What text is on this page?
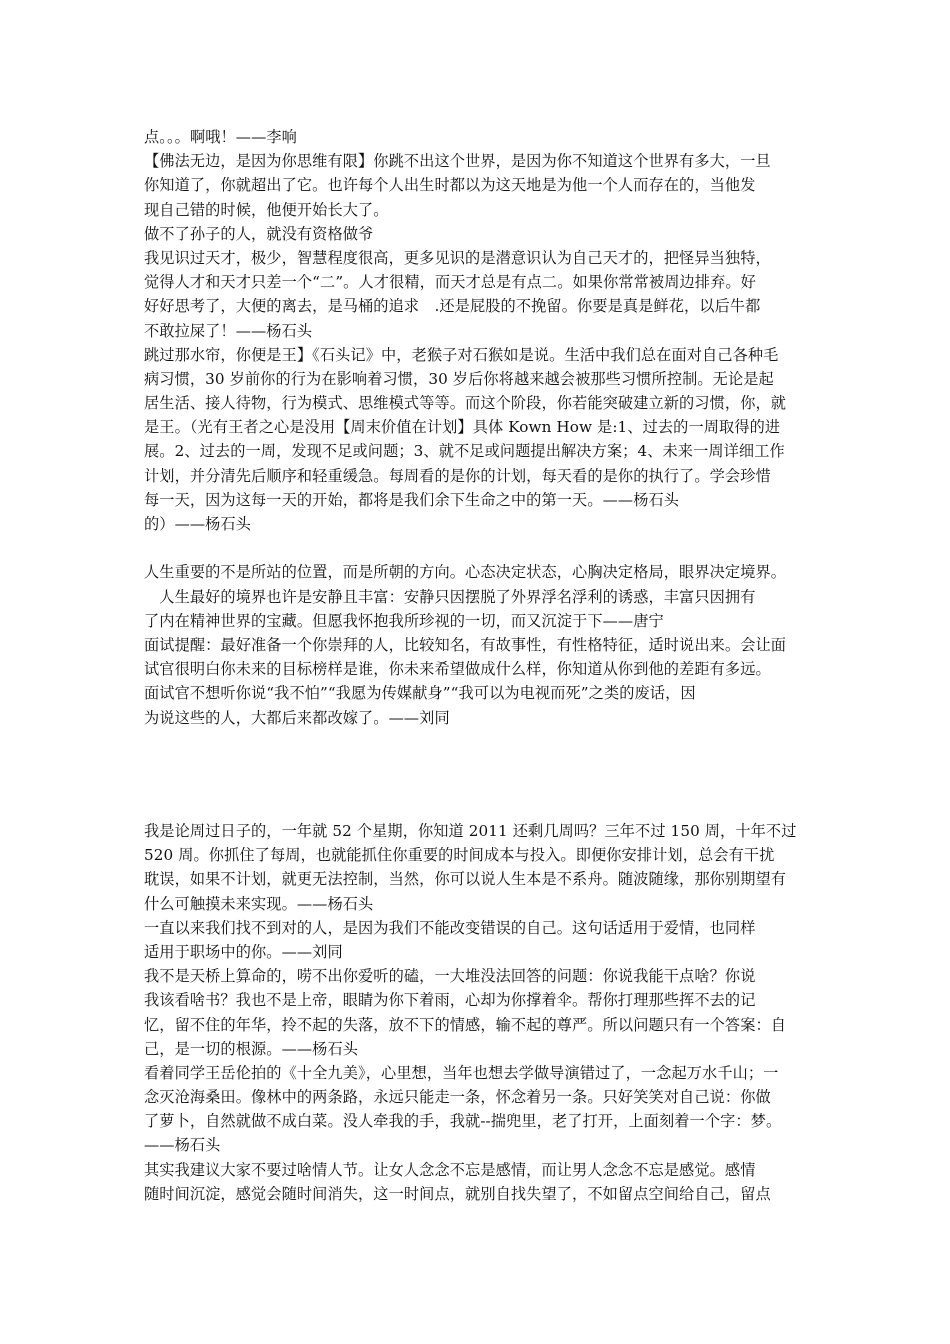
点。。。啊哦！——李响
【佛法无边，是因为你思维有限】你跳不出这个世界，是因为你不知道这个世界有多大，一旦
你知道了，你就超出了它。也许每个人出生时都以为这天地是为他一个人而存在的，当他发
现自己错的时候，他便开始长大了。
做不了孙子的人，就没有资格做爷
我见识过天才，极少，智慧程度很高，更多见识的是潜意识认为自己天才的，把怪异当独特，
觉得人才和天才只差一个“二”。人才很精，而天才总是有点二。如果你常常被周边排弃。好
好好思考了，大便的离去，是马桶的追求　.还是屁股的不挽留。你要是真是鲜花，以后牛都
不敢拉屎了！——杨石头
跳过那水帘，你便是王】《石头记》中，老猴子对石猴如是说。生活中我们总在面对自己各种毛
病习惯，30 岁前你的行为在影响着习惯，30 岁后你将越来越会被那些习惯所控制。无论是起
居生活、接人待物，行为模式、思维模式等等。而这个阶段，你若能突破建立新的习惯，你，就
是王。（光有王者之心是没用【周末价值在计划】具体 Kown How 是:1、过去的一周取得的进
展。2、过去的一周，发现不足或问题；3、就不足或问题提出解决方案；4、未来一周详细工作
计划，并分清先后顺序和轻重缓急。每周看的是你的计划，每天看的是你的执行了。学会珍惜
每一天，因为这每一天的开始，都将是我们余下生命之中的第一天。——杨石头
的）——杨石头
人生重要的不是所站的位置，而是所朝的方向。心态决定状态，心胸决定格局，眼界决定境界。
　人生最好的境界也许是安静且丰富：安静只因摆脱了外界浮名浮利的诱惑，丰富只因拥有
了内在精神世界的宝藏。但愿我怀抱我所珍视的一切，而又沉淀于下——唐宁
面试提醒：最好准备一个你崇拜的人，比较知名，有故事性，有性格特征，适时说出来。会让面
试官很明白你未来的目标榜样是谁，你未来希望做成什么样，你知道从你到他的差距有多远。
面试官不想听你说“我不怕”“我愿为传媒献身”“我可以为电视而死”之类的废话，因
为说这些的人，大都后来都改嫁了。——刘同
我是论周过日子的，一年就 52 个星期，你知道 2011 还剩几周吗？三年不过 150 周，十年不过
520 周。你抓住了每周，也就能抓住你重要的时间成本与投入。即便你安排计划，总会有干扰
耽误，如果不计划，就更无法控制，当然，你可以说人生本是不系舟。随波随缘，那你别期望有
什么可触摸未来实现。——杨石头
一直以来我们找不到对的人，是因为我们不能改变错误的自己。这句话适用于爱情，也同样
适用于职场中的你。——刘同
我不是天桥上算命的，唠不出你爱听的磕，一大堆没法回答的问题：你说我能干点啥？你说
我该看啥书？我也不是上帝，眼睛为你下着雨，心却为你撑着伞。帮你打理那些挥不去的记
忆，留不住的年华，拎不起的失落，放不下的情感，输不起的尊严。所以问题只有一个答案：自
己，是一切的根源。——杨石头
看着同学王岳伦拍的《十全九美》，心里想，当年也想去学做导演错过了，一念起万水千山；一
念灭沧海桑田。像林中的两条路，永远只能走一条，怀念着另一条。只好笑笑对自己说：你做
了萝卜，自然就做不成白菜。没人牵我的手，我就--揣兜里，老了打开，上面刻着一个字：梦。
——杨石头
其实我建议大家不要过啥情人节。让女人念念不忘是感情，而让男人念念不忘是感觉。感情
随时间沉淀，感觉会随时间消失，这一时间点，就别自找失望了，不如留点空间给自己，留点
